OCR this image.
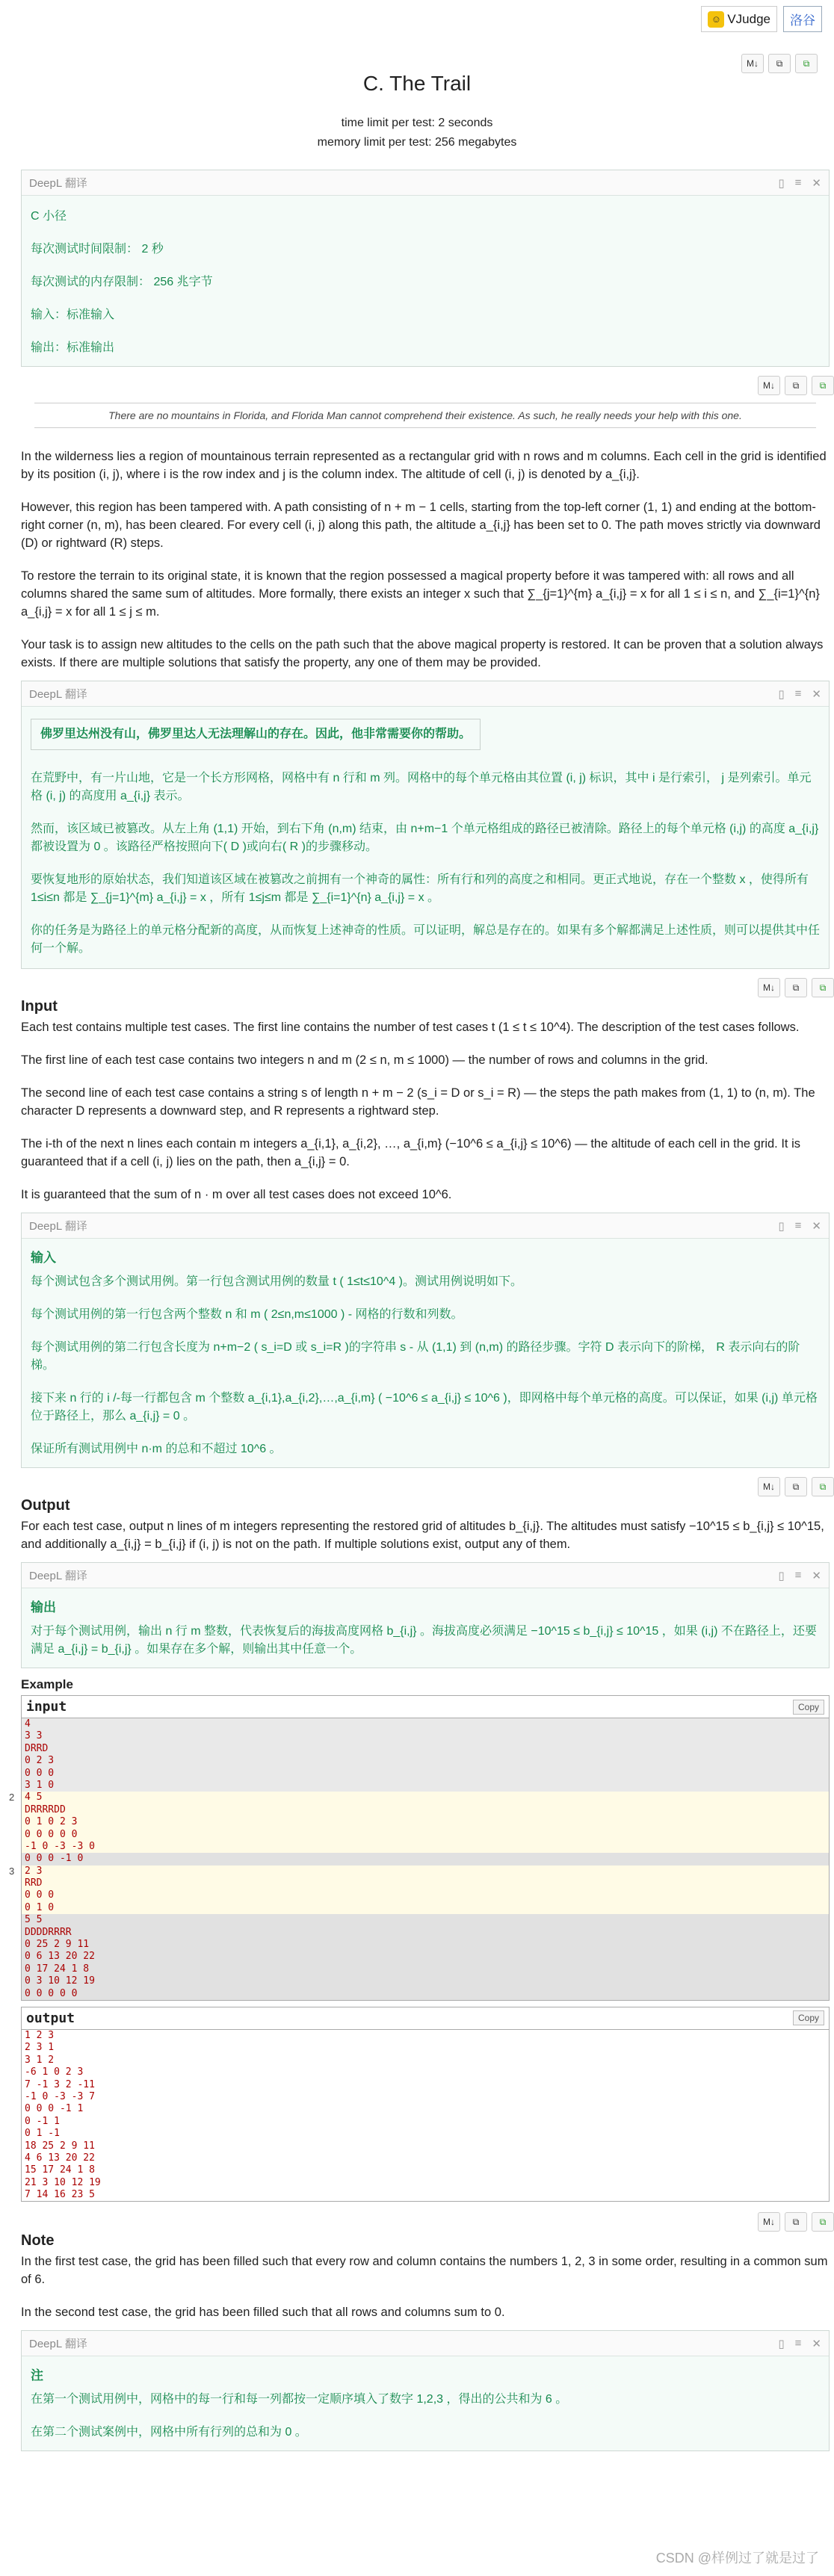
☺ VJudge 洛谷
M↓	⧉	⧉
C. The Trail
time limit per test: 2 seconds
memory limit per test: 256 megabytes
DeepL 翻译	▯ ≡ ✕

C 小径

每次测试时间限制： 2 秒

每次测试的内存限制： 256 兆字节

输入：标准输入

输出：标准输出

M↓	⧉	⧉
There are no mountains in Florida, and Florida Man cannot comprehend their existence. As such, he really needs your help with this one.

In the wilderness lies a region of mountainous terrain represented as a rectangular grid with n rows and m columns. Each cell in the grid is identified by its position (i, j), where i is the row index and j is the column index. The altitude of cell (i, j) is denoted by a_{i,j}.

However, this region has been tampered with. A path consisting of n + m − 1 cells, starting from the top-left corner (1, 1) and ending at the bottom-right corner (n, m), has been cleared. For every cell (i, j) along this path, the altitude a_{i,j} has been set to 0. The path moves strictly via downward (D) or rightward (R) steps.

To restore the terrain to its original state, it is known that the region possessed a magical property before it was tampered with: all rows and all columns shared the same sum of altitudes. More formally, there exists an integer x such that ∑_{j=1}^{m} a_{i,j} = x for all 1 ≤ i ≤ n, and ∑_{i=1}^{n} a_{i,j} = x for all 1 ≤ j ≤ m.

Your task is to assign new altitudes to the cells on the path such that the above magical property is restored. It can be proven that a solution always exists. If there are multiple solutions that satisfy the property, any one of them may be provided.

DeepL 翻译	▯ ≡ ✕
佛罗里达州没有山，佛罗里达人无法理解山的存在。因此，他非常需要你的帮助。

在荒野中，有一片山地，它是一个长方形网格，网格中有 n 行和 m 列。网格中的每个单元格由其位置 (i, j) 标识，其中 i 是行索引， j 是列索引。单元格 (i, j) 的高度用 a_{i,j} 表示。

然而，该区域已被篡改。从左上角 (1,1) 开始，到右下角 (n,m) 结束，由 n+m−1 个单元格组成的路径已被清除。路径上的每个单元格 (i,j) 的高度 a_{i,j} 都被设置为 0 。该路径严格按照向下( D )或向右( R )的步骤移动。

要恢复地形的原始状态，我们知道该区域在被篡改之前拥有一个神奇的属性：所有行和列的高度之和相同。更正式地说，存在一个整数 x ，使得所有 1≤i≤n 都是 ∑_{j=1}^{m} a_{i,j} = x ，所有 1≤j≤m 都是 ∑_{i=1}^{n} a_{i,j} = x 。

你的任务是为路径上的单元格分配新的高度，从而恢复上述神奇的性质。可以证明，解总是存在的。如果有多个解都满足上述性质，则可以提供其中任何一个解。

M↓	⧉	⧉
Input

Each test contains multiple test cases. The first line contains the number of test cases t (1 ≤ t ≤ 10^4). The description of the test cases follows.

The first line of each test case contains two integers n and m (2 ≤ n, m ≤ 1000) — the number of rows and columns in the grid.

The second line of each test case contains a string s of length n + m − 2 (s_i = D or s_i = R) — the steps the path makes from (1, 1) to (n, m). The character D represents a downward step, and R represents a rightward step.

The i-th of the next n lines each contain m integers a_{i,1}, a_{i,2}, …, a_{i,m} (−10^6 ≤ a_{i,j} ≤ 10^6) — the altitude of each cell in the grid. It is guaranteed that if a cell (i, j) lies on the path, then a_{i,j} = 0.

It is guaranteed that the sum of n · m over all test cases does not exceed 10^6.

DeepL 翻译	▯ ≡ ✕
输入

每个测试包含多个测试用例。第一行包含测试用例的数量 t ( 1≤t≤10^4 )。测试用例说明如下。

每个测试用例的第一行包含两个整数 n 和 m ( 2≤n,m≤1000 ) - 网格的行数和列数。

每个测试用例的第二行包含长度为 n+m−2 ( s_i=D 或 s_i=R )的字符串 s - 从 (1,1) 到 (n,m) 的路径步骤。字符 D 表示向下的阶梯， R 表示向右的阶梯。

接下来 n 行的 i /-每一行都包含 m 个整数 a_{i,1},a_{i,2},…,a_{i,m} ( −10^6 ≤ a_{i,j} ≤ 10^6 )，即网格中每个单元格的高度。可以保证，如果 (i,j) 单元格位于路径上，那么 a_{i,j} = 0 。

保证所有测试用例中 n·m 的总和不超过 10^6 。

M↓	⧉	⧉
Output

For each test case, output n lines of m integers representing the restored grid of altitudes b_{i,j}. The altitudes must satisfy −10^15 ≤ b_{i,j} ≤ 10^15, and additionally a_{i,j} = b_{i,j} if (i, j) is not on the path. If multiple solutions exist, output any of them.

DeepL 翻译	▯ ≡ ✕
输出

对于每个测试用例，输出 n 行 m 整数，代表恢复后的海拔高度网格 b_{i,j} 。海拔高度必须满足 −10^15 ≤ b_{i,j} ≤ 10^15 ，如果 (i,j) 不在路径上，还要满足 a_{i,j} = b_{i,j} 。如果存在多个解，则输出其中任意一个。

Example
input	Copy
4
3 3
DRRD
0 2 3
0 0 0
3 1 0
4 5
DRRRRDD
0 1 0 2 3
0 0 0 0 0
-1 0 -3 -3 0
0 0 0 -1 0
2 3
RRD
0 0 0
0 1 0
5 5
DDDDRRRR
0 25 2 9 11
0 6 13 20 22
0 17 24 1 8
0 3 10 12 19
0 0 0 0 0
2
3
output	Copy
1 2 3
2 3 1
3 1 2
-6 1 0 2 3
7 -1 3 2 -11
-1 0 -3 -3 7
0 0 0 -1 1
0 -1 1
0 1 -1
18 25 2 9 11
4 6 13 20 22
15 17 24 1 8
21 3 10 12 19
7 14 16 23 5
M↓	⧉	⧉
Note

In the first test case, the grid has been filled such that every row and column contains the numbers 1, 2, 3 in some order, resulting in a common sum of 6.

In the second test case, the grid has been filled such that all rows and columns sum to 0.

DeepL 翻译	▯ ≡ ✕
注

在第一个测试用例中，网格中的每一行和每一列都按一定顺序填入了数字 1,2,3 ，得出的公共和为 6 。

在第二个测试案例中，网格中所有行列的总和为 0 。

CSDN @样例过了就是过了
